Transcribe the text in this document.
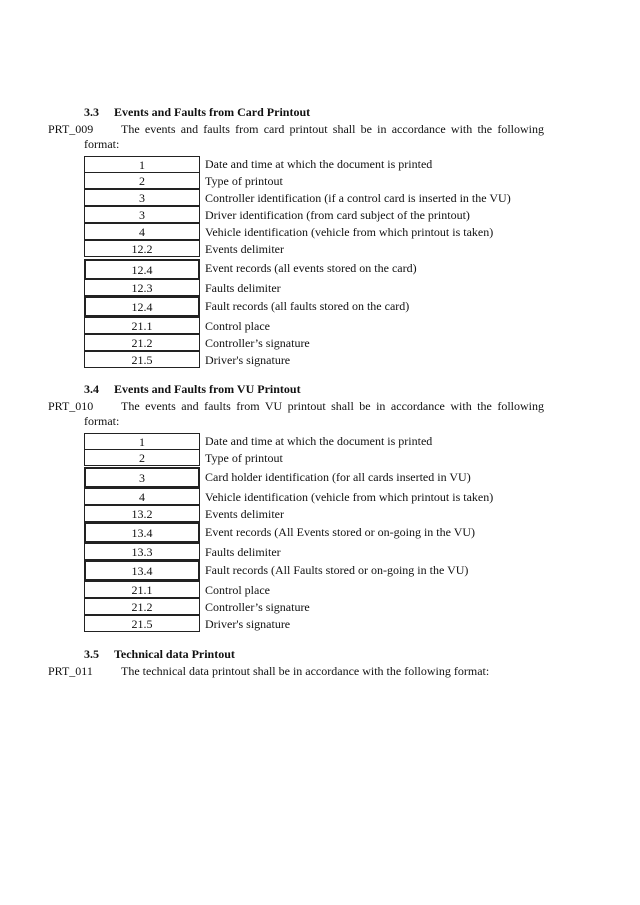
3.3 Events and Faults from Card Printout
PRT_009 The events and faults from card printout shall be in accordance with the following
format:
1	Date and time at which the document is printed
2	Type of printout
3	Controller identification (if a control card is inserted in the VU)
3	Driver identification (from card subject of the printout)
4	Vehicle identification (vehicle from which printout is taken)
12.2	Events delimiter
12.4	Event records (all events stored on the card)
12.3	Faults delimiter
12.4	Fault records (all faults stored on the card)
21.1	Control place
21.2	Controller’s signature
21.5	Driver's signature
3.4 Events and Faults from VU Printout
PRT_010 The events and faults from VU printout shall be in accordance with the following
format:
1	Date and time at which the document is printed
2	Type of printout
3	Card holder identification (for all cards inserted in VU)
4	Vehicle identification (vehicle from which printout is taken)
13.2	Events delimiter
13.4	Event records (All Events stored or on-going in the VU)
13.3	Faults delimiter
13.4	Fault records (All Faults stored or on-going in the VU)
21.1	Control place
21.2	Controller’s signature
21.5	Driver's signature
3.5 Technical data Printout
PRT_011 The technical data printout shall be in accordance with the following format:
